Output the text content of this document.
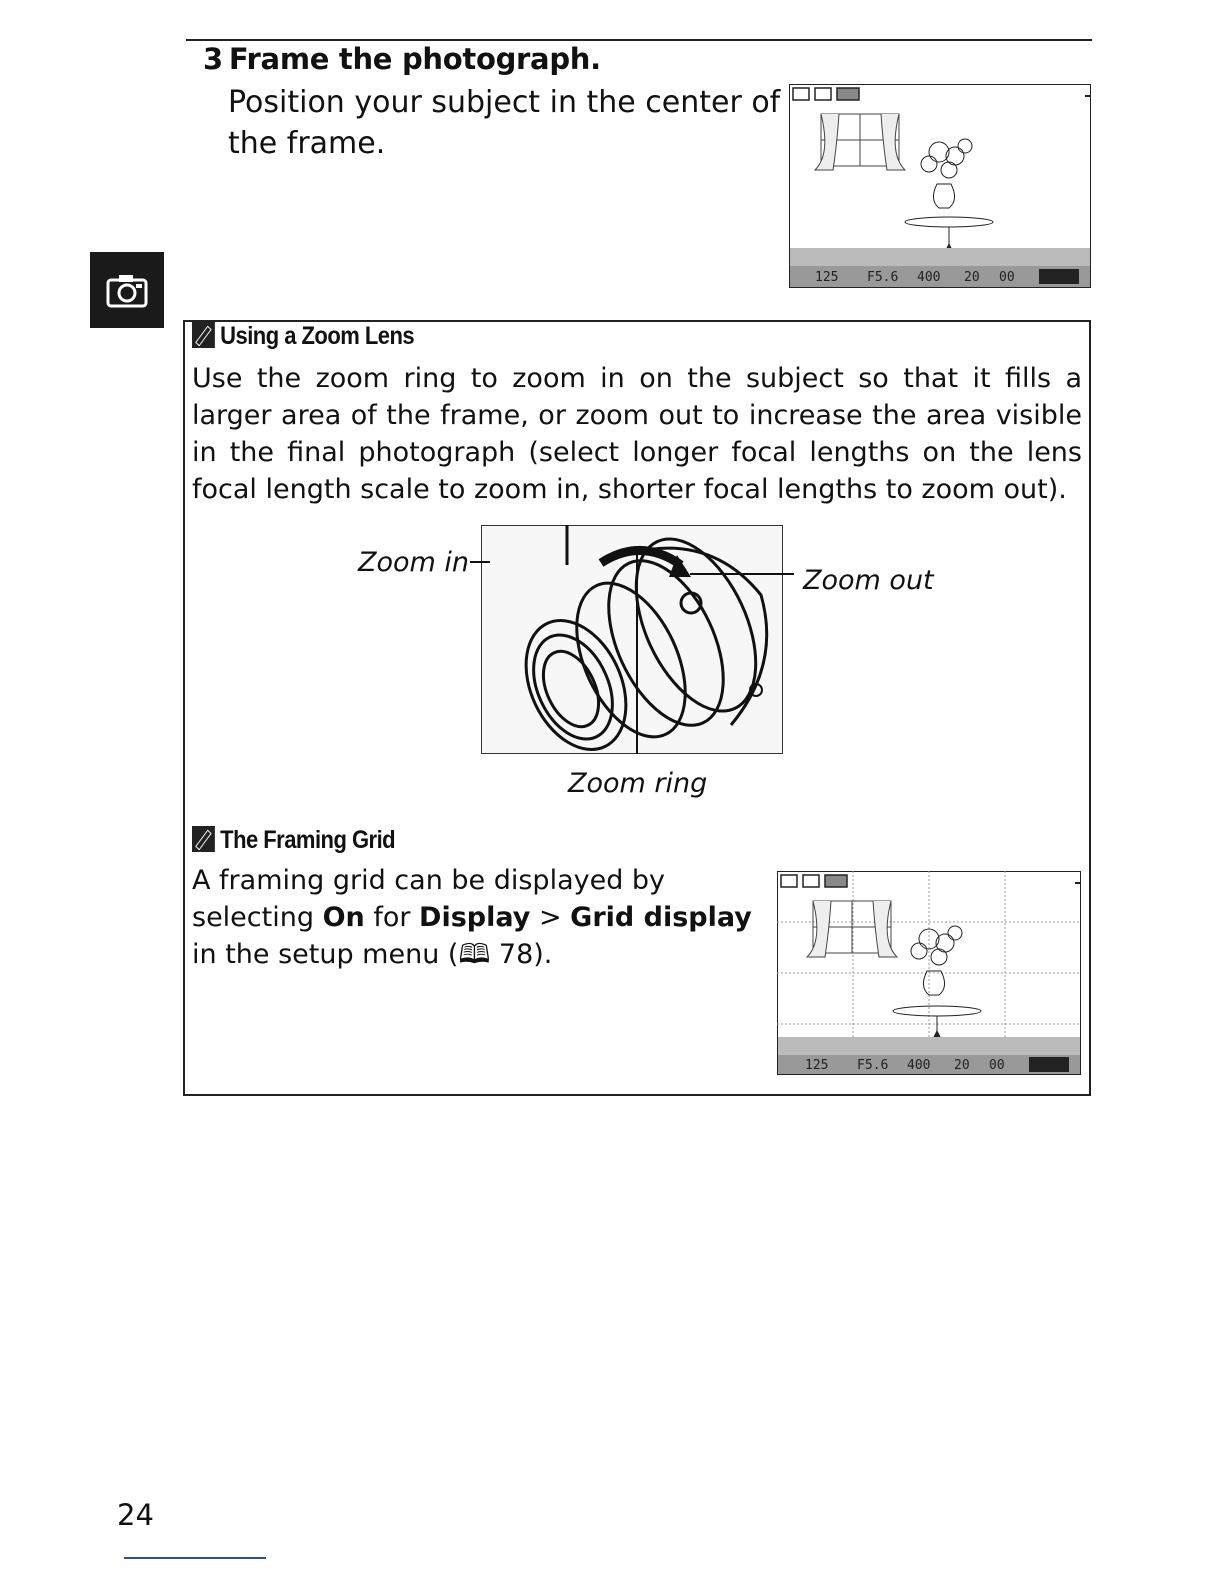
3 Frame the photograph.
Position your subject in the center of the frame.
125 F5.6 400 20 00
Using a Zoom Lens
Use the zoom ring to zoom in on the subject so that it fills a larger area of the frame, or zoom out to increase the area visible in the final photograph (select longer focal lengths on the lens focal length scale to zoom in, shorter focal lengths to zoom out).
Zoom in
Zoom out
Zoom ring
The Framing Grid
A framing grid can be displayed by selecting On for Display > Grid display in the setup menu (🕮︎ 78).
125 F5.6 400 20 00
24
